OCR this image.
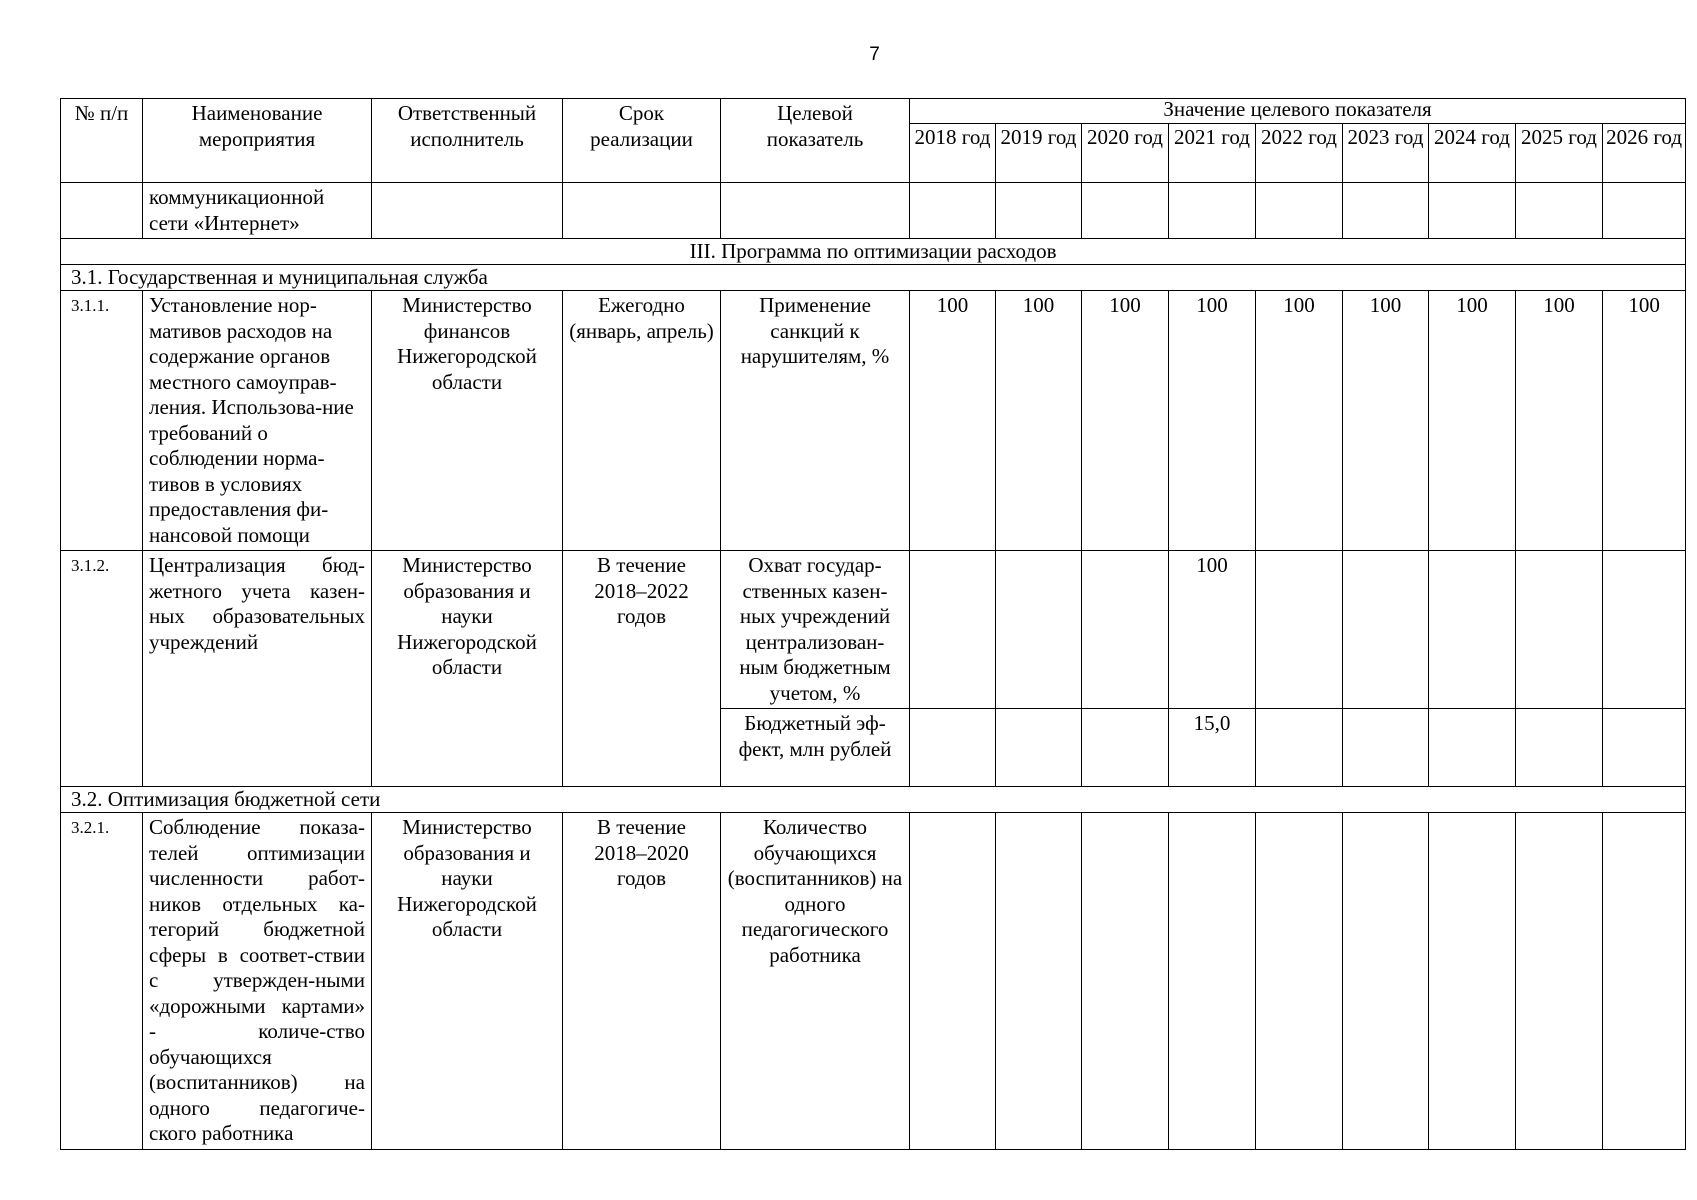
7
№ п/п	Наименование мероприятия	Ответственный исполнитель	Срок реализации	Целевой показатель	Значение целевого показателя								
					2018 год	2019 год	2020 год	2021 год	2022 год	2023 год	2024 год	2025 год	2026 год
	коммуникационной сети «Интернет»												
III. Программа по оптимизации расходов													
3.1. Государственная и муниципальная служба													
3.1.1.	Установление нор-мативов расходов на содержание органов местного самоуправ-ления. Использова-ние требований о соблюдении норма-тивов в условиях предоставления фи-нансовой помощи	Министерство финансов Нижегородской области	Ежегодно (январь, апрель)	Применение санкций к нарушителям, %	100	100	100	100	100	100	100	100	100
3.1.2.	Централизация бюд-жетного учета казен-ных образовательных учреждений	Министерство образования и науки Нижегородской области	В течение 2018–2022 годов	Охват государ-ственных казен-ных учреждений централизован-ным бюджетным учетом, %				100					
				Бюджетный эф-фект, млн рублей				15,0					
3.2. Оптимизация бюджетной сети													
3.2.1.	Соблюдение показа-телей оптимизации численности работ-ников отдельных ка-тегорий бюджетной сферы в соответ-ствии с утвержден-ными «дорожными картами» - количе-ство обучающихся (воспитанников) на одного педагогиче-ского работника	Министерство образования и науки Нижегородской области	В течение 2018–2020 годов	Количество обучающихся (воспитанников) на одного педагогического работника									
